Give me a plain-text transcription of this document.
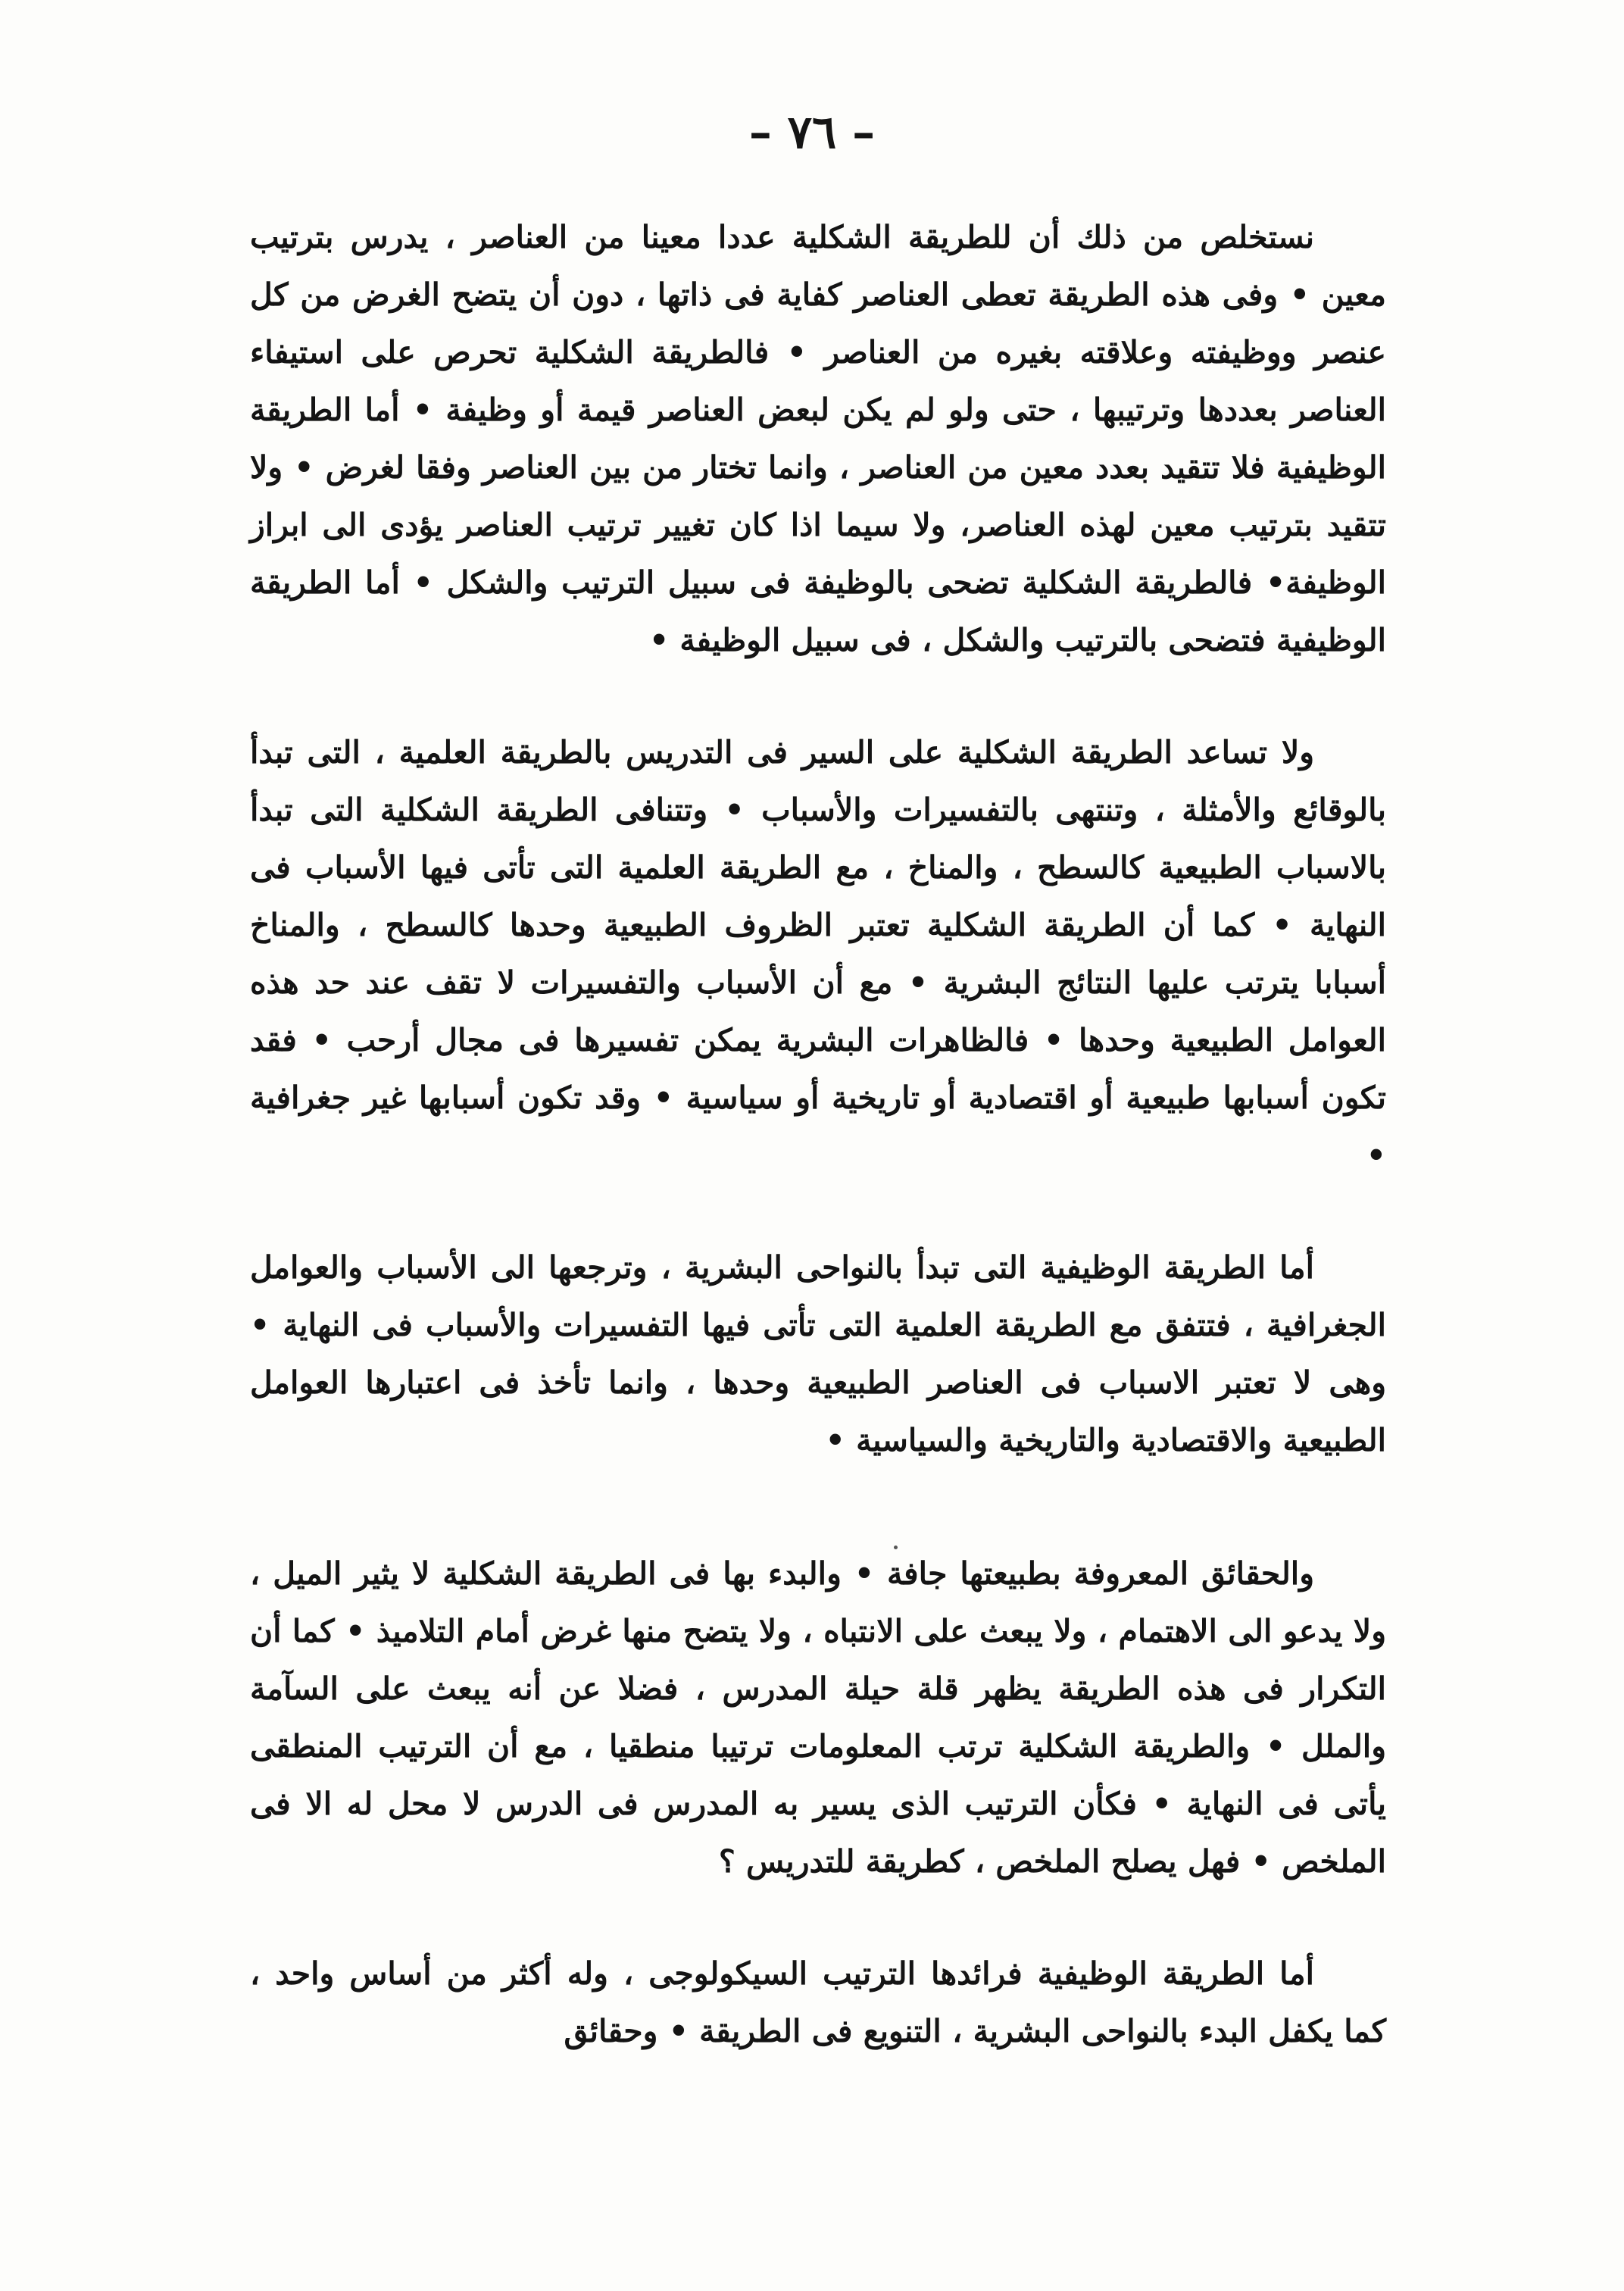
– ٧٦ –

نستخلص من ذلك أن للطريقة الشكلية عددا معينا من العناصر ، يدرس بترتيب معين • وفى هذه الطريقة تعطى العناصر كفاية فى ذاتها ، دون أن يتضح الغرض من كل عنصر ووظيفته وعلاقته بغيره من العناصر • فالطريقة الشكلية تحرص على استيفاء العناصر بعددها وترتيبها ، حتى ولو لم يكن لبعض العناصر قيمة أو وظيفة • أما الطريقة الوظيفية فلا تتقيد بعدد معين من العناصر ، وانما تختار من بين العناصر وفقا لغرض • ولا تتقيد بترتيب معين لهذه العناصر، ولا سيما اذا كان تغيير ترتيب العناصر يؤدى الى ابراز الوظيفة• فالطريقة الشكلية تضحى بالوظيفة فى سبيل الترتيب والشكل • أما الطريقة الوظيفية فتضحى بالترتيب والشكل ، فى سبيل الوظيفة •

ولا تساعد الطريقة الشكلية على السير فى التدريس بالطريقة العلمية ، التى تبدأ بالوقائع والأمثلة ، وتنتهى بالتفسيرات والأسباب • وتتنافى الطريقة الشكلية التى تبدأ بالاسباب الطبيعية كالسطح ، والمناخ ، مع الطريقة العلمية التى تأتى فيها الأسباب فى النهاية • كما أن الطريقة الشكلية تعتبر الظروف الطبيعية وحدها كالسطح ، والمناخ أسبابا يترتب عليها النتائج البشرية • مع أن الأسباب والتفسيرات لا تقف عند حد هذه العوامل الطبيعية وحدها • فالظاهرات البشرية يمكن تفسيرها فى مجال أرحب • فقد تكون أسبابها طبيعية أو اقتصادية أو تاريخية أو سياسية • وقد تكون أسبابها غير جغرافية •

أما الطريقة الوظيفية التى تبدأ بالنواحى البشرية ، وترجعها الى الأسباب والعوامل الجغرافية ، فتتفق مع الطريقة العلمية التى تأتى فيها التفسيرات والأسباب فى النهاية • وهى لا تعتبر الاسباب فى العناصر الطبيعية وحدها ، وانما تأخذ فى اعتبارها العوامل الطبيعية والاقتصادية والتاريخية والسياسية •

والحقائق المعروفة بطبيعتها جافة • والبدء بها فى الطريقة الشكلية لا يثير الميل ، ولا يدعو الى الاهتمام ، ولا يبعث على الانتباه ، ولا يتضح منها غرض أمام التلاميذ • كما أن التكرار فى هذه الطريقة يظهر قلة حيلة المدرس ، فضلا عن أنه يبعث على السآمة والملل • والطريقة الشكلية ترتب المعلومات ترتيبا منطقيا ، مع أن الترتيب المنطقى يأتى فى النهاية • فكأن الترتيب الذى يسير به المدرس فى الدرس لا محل له الا فى الملخص • فهل يصلح الملخص ، كطريقة للتدريس ؟

أما الطريقة الوظيفية فرائدها الترتيب السيكولوجى ، وله أكثر من أساس واحد ، كما يكفل البدء بالنواحى البشرية ، التنويع فى الطريقة • وحقائق
